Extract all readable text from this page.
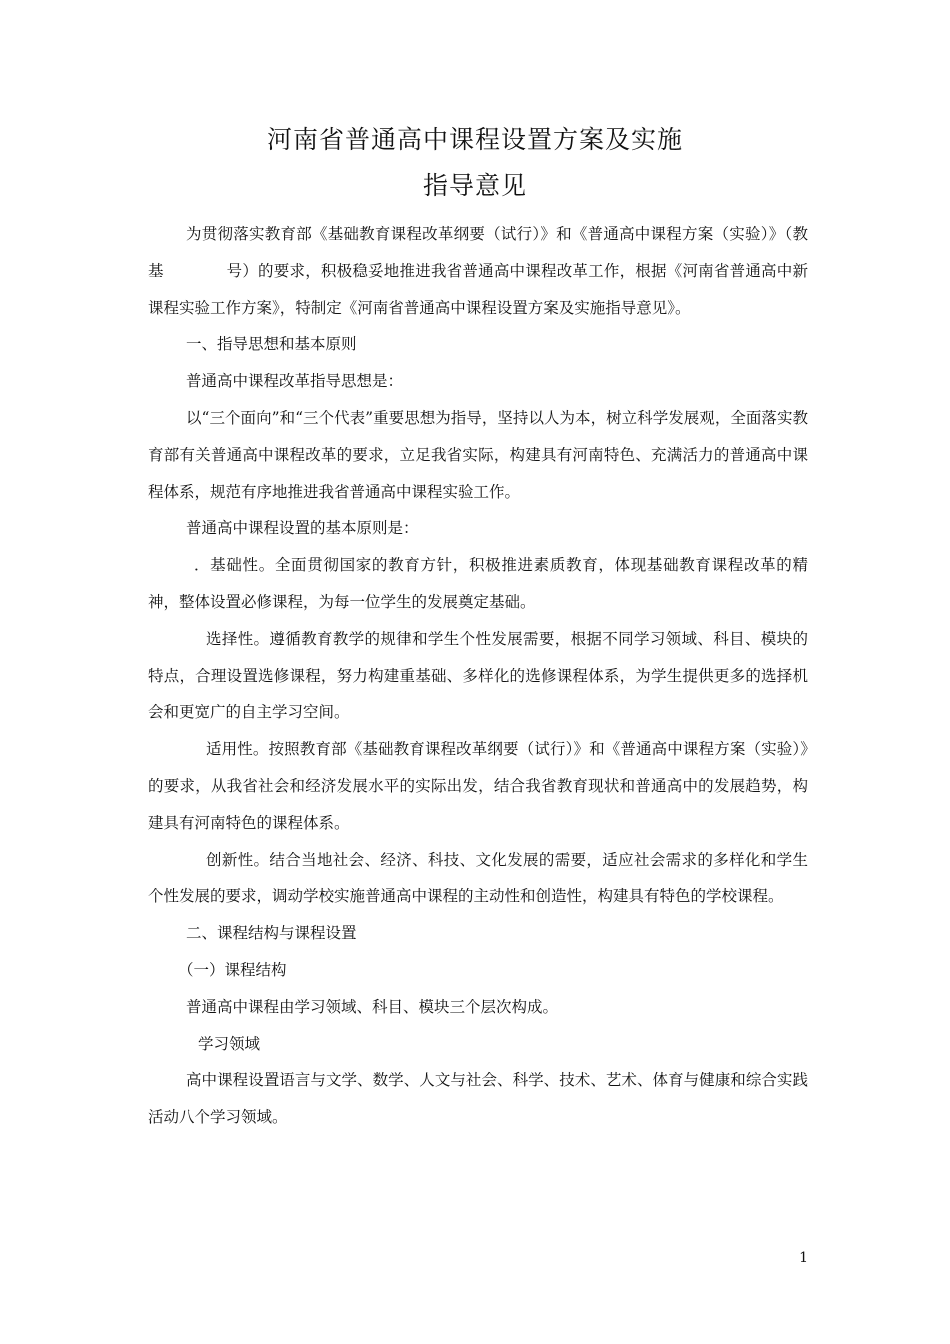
河南省普通高中课程设置方案及实施
指导意见

为贯彻落实教育部《基础教育课程改革纲要（试行）》和《普通高中课程方案（实验）》（教基　　　　号）的要求，积极稳妥地推进我省普通高中课程改革工作，根据《河南省普通高中新课程实验工作方案》，特制定《河南省普通高中课程设置方案及实施指导意见》。

一、指导思想和基本原则

普通高中课程改革指导思想是：

以“三个面向”和“三个代表”重要思想为指导，坚持以人为本，树立科学发展观，全面落实教育部有关普通高中课程改革的要求，立足我省实际，构建具有河南特色、充满活力的普通高中课程体系，规范有序地推进我省普通高中课程实验工作。

普通高中课程设置的基本原则是：

．基础性。全面贯彻国家的教育方针，积极推进素质教育，体现基础教育课程改革的精神，整体设置必修课程，为每一位学生的发展奠定基础。

选择性。遵循教育教学的规律和学生个性发展需要，根据不同学习领域、科目、模块的特点，合理设置选修课程，努力构建重基础、多样化的选修课程体系，为学生提供更多的选择机会和更宽广的自主学习空间。

适用性。按照教育部《基础教育课程改革纲要（试行）》和《普通高中课程方案（实验）》的要求，从我省社会和经济发展水平的实际出发，结合我省教育现状和普通高中的发展趋势，构建具有河南特色的课程体系。

创新性。结合当地社会、经济、科技、文化发展的需要，适应社会需求的多样化和学生个性发展的要求，调动学校实施普通高中课程的主动性和创造性，构建具有特色的学校课程。

二、课程结构与课程设置

（一）课程结构

普通高中课程由学习领域、科目、模块三个层次构成。

学习领域

高中课程设置语言与文学、数学、人文与社会、科学、技术、艺术、体育与健康和综合实践活动八个学习领域。

1
